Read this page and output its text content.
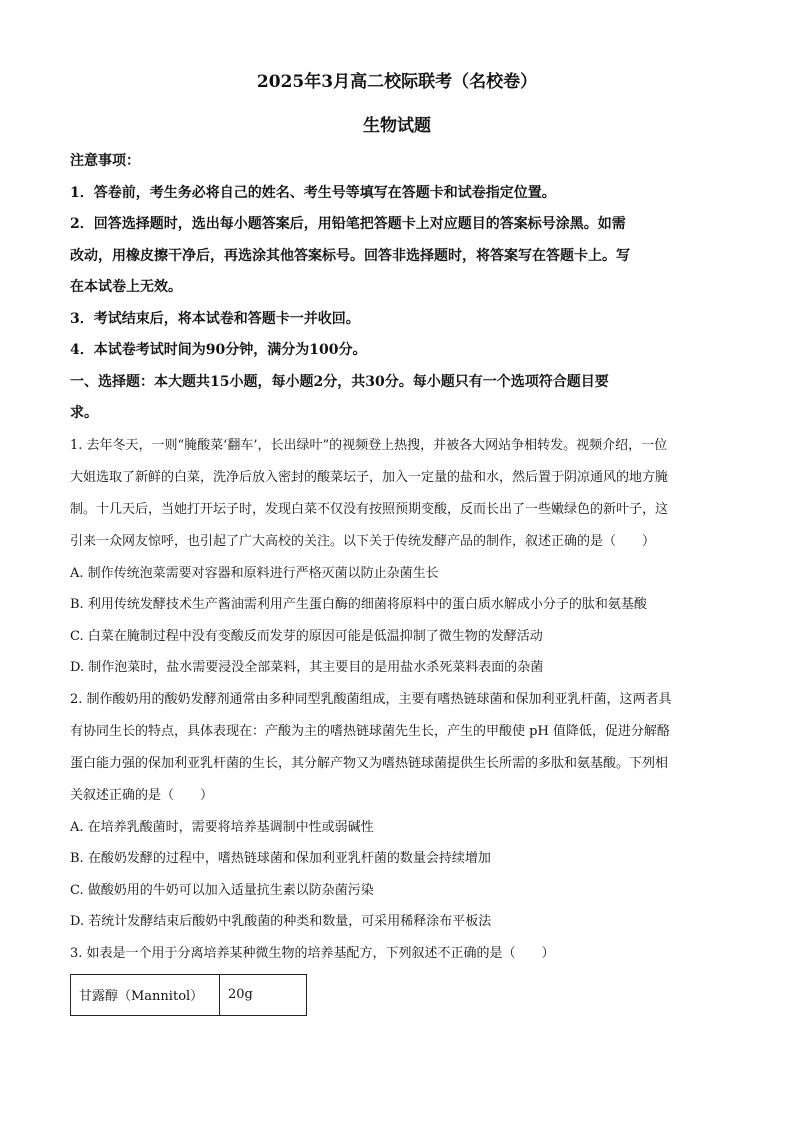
2025年3月高二校际联考（名校卷）
生物试题
注意事项：
1．答卷前，考生务必将自己的姓名、考生号等填写在答题卡和试卷指定位置。
2．回答选择题时，选出每小题答案后，用铅笔把答题卡上对应题目的答案标号涂黑。如需
改动，用橡皮擦干净后，再选涂其他答案标号。回答非选择题时，将答案写在答题卡上。写
在本试卷上无效。
3．考试结束后，将本试卷和答题卡一并收回。
4．本试卷考试时间为90分钟，满分为100分。
一、选择题：本大题共15小题，每小题2分，共30分。每小题只有一个选项符合题目要
求。
1. 去年冬天，一则“腌酸菜‘翻车’，长出绿叶”的视频登上热搜，并被各大网站争相转发。视频介绍，一位
大姐选取了新鲜的白菜，洗净后放入密封的酸菜坛子，加入一定量的盐和水，然后置于阴凉通风的地方腌
制。十几天后，当她打开坛子时，发现白菜不仅没有按照预期变酸，反而长出了一些嫩绿色的新叶子，这
引来一众网友惊呼，也引起了广大高校的关注。以下关于传统发酵产品的制作，叙述正确的是（　　）
A. 制作传统泡菜需要对容器和原料进行严格灭菌以防止杂菌生长
B. 利用传统发酵技术生产酱油需利用产生蛋白酶的细菌将原料中的蛋白质水解成小分子的肽和氨基酸
C. 白菜在腌制过程中没有变酸反而发芽的原因可能是低温抑制了微生物的发酵活动
D. 制作泡菜时，盐水需要浸没全部菜料，其主要目的是用盐水杀死菜料表面的杂菌
2. 制作酸奶用的酸奶发酵剂通常由多种同型乳酸菌组成，主要有嗜热链球菌和保加利亚乳杆菌，这两者具
有协同生长的特点，具体表现在：产酸为主的嗜热链球菌先生长，产生的甲酸使 pH 值降低，促进分解酪
蛋白能力强的保加利亚乳杆菌的生长，其分解产物又为嗜热链球菌提供生长所需的多肽和氨基酸。下列相
关叙述正确的是（　　）
A. 在培养乳酸菌时，需要将培养基调制中性或弱碱性
B. 在酸奶发酵的过程中，嗜热链球菌和保加利亚乳杆菌的数量会持续增加
C. 做酸奶用的牛奶可以加入适量抗生素以防杂菌污染
D. 若统计发酵结束后酸奶中乳酸菌的种类和数量，可采用稀释涂布平板法
3. 如表是一个用于分离培养某种微生物的培养基配方，下列叙述不正确的是（　　）
甘露醇（Mannitol）	20g
